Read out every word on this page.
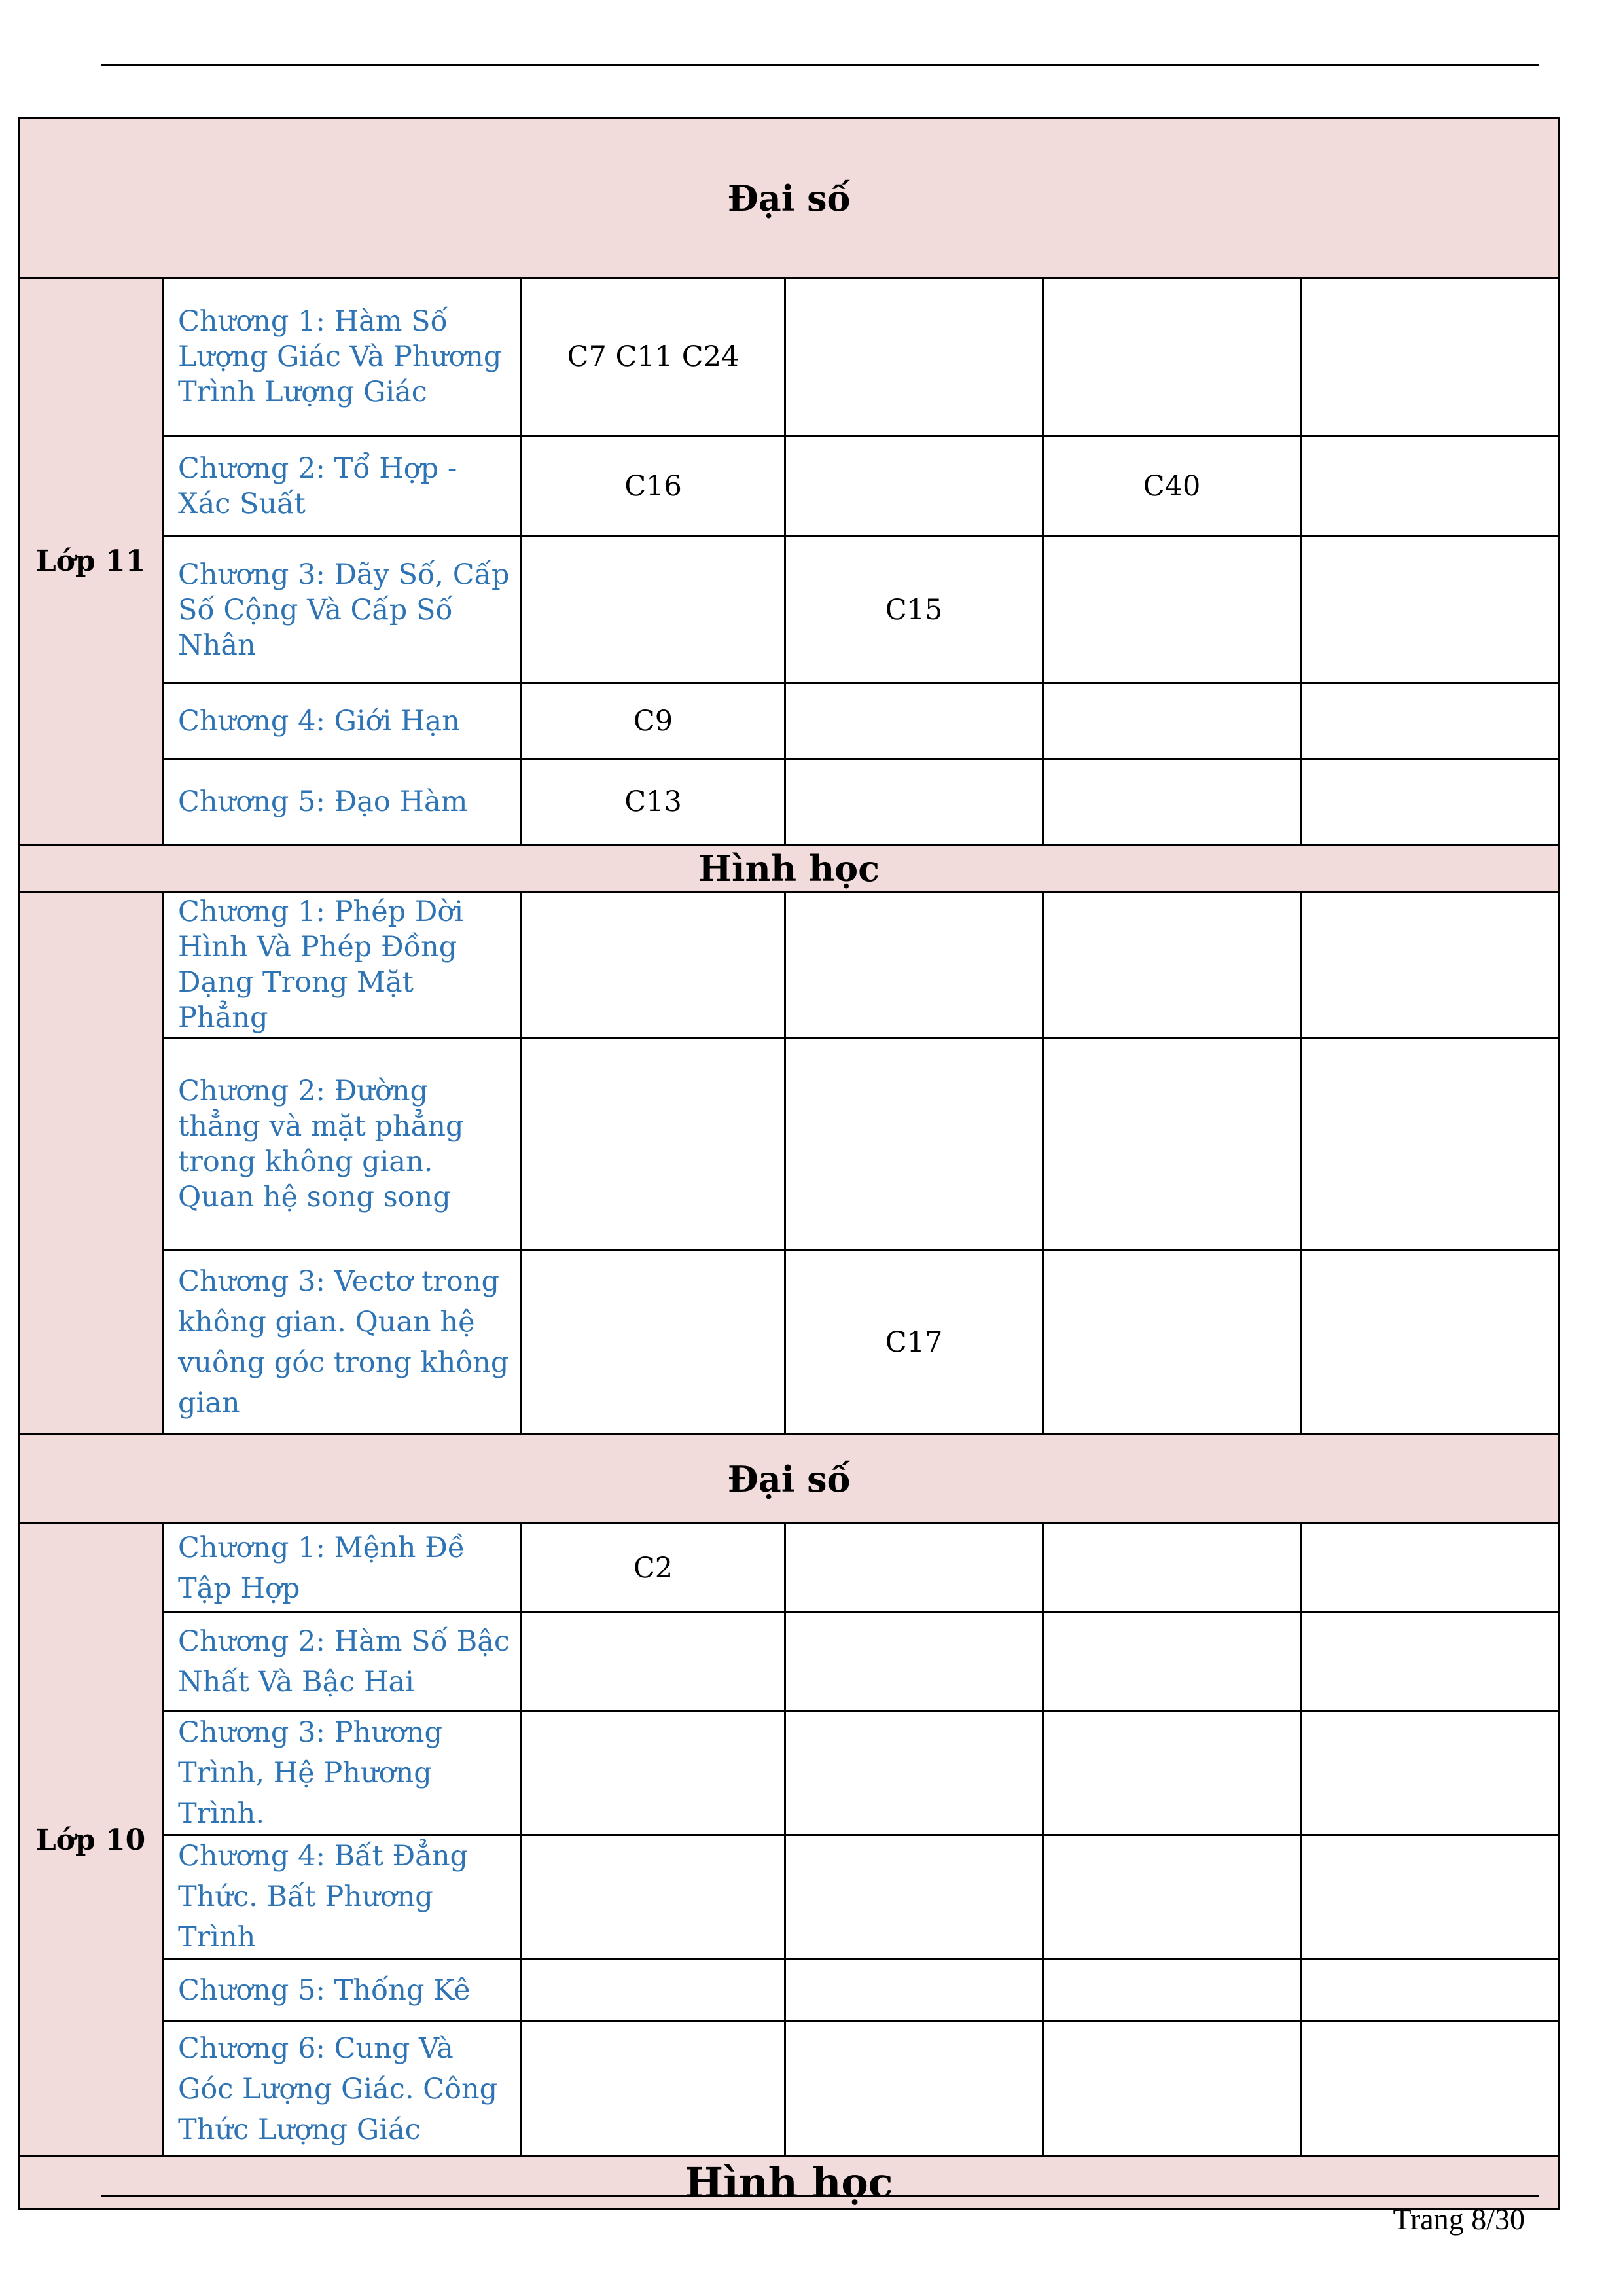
Đại số					
Lớp 11	Chương 1: Hàm Số Lượng Giác Và Phương Trình Lượng Giác	C7 C11 C24			
	Chương 2: Tổ Hợp - Xác Suất	C16		C40	
	Chương 3: Dãy Số, Cấp Số Cộng Và Cấp Số Nhân		C15		
	Chương 4: Giới Hạn	C9			
	Chương 5: Đạo Hàm	C13			
Hình học					
	Chương 1: Phép Dời Hình Và Phép Đồng Dạng Trong Mặt Phẳng				
	Chương 2: Đường thẳng và mặt phẳng trong không gian. Quan hệ song song				
	Chương 3: Vectơ trong không gian. Quan hệ vuông góc trong không gian		C17		
Đại số					
Lớp 10	Chương 1: Mệnh Đề Tập Hợp	C2			
	Chương 2: Hàm Số Bậc Nhất Và Bậc Hai				
	Chương 3: Phương Trình, Hệ Phương Trình.				
	Chương 4: Bất Đẳng Thức. Bất Phương Trình				
	Chương 5: Thống Kê				
	Chương 6: Cung Và Góc Lượng Giác. Công Thức Lượng Giác				
Hình học					
Trang 8/30
